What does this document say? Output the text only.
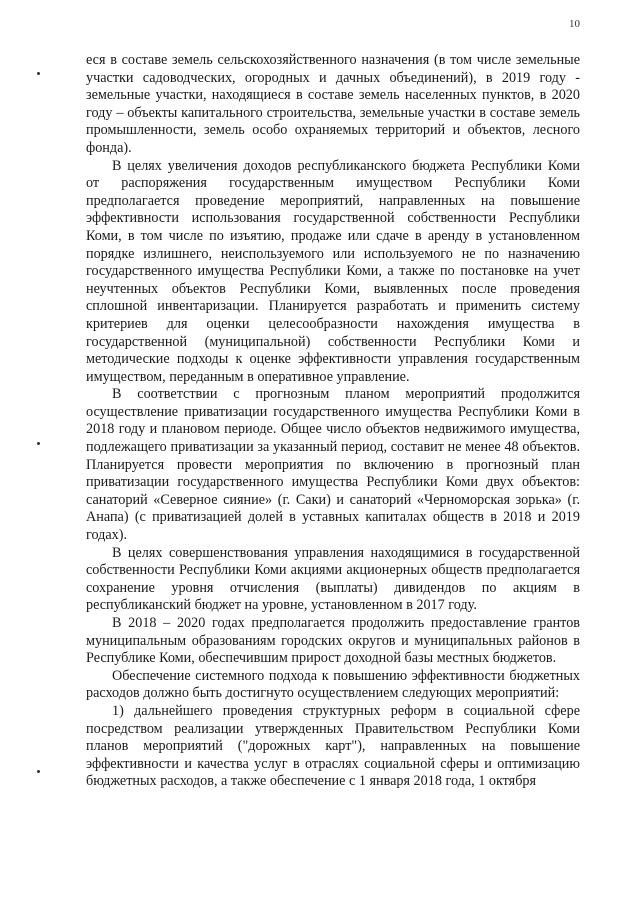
10

еся в составе земель сельскохозяйственного назначения (в том числе земельные участки садоводческих, огородных и дачных объединений), в 2019 году - земельные участки, находящиеся в составе земель населенных пунктов, в 2020 году – объекты капитального строительства, земельные участки в составе земель промышленности, земель особо охраняемых территорий и объектов, лесного фонда).

В целях увеличения доходов республиканского бюджета Республики Коми от распоряжения государственным имуществом Республики Коми предполагается проведение мероприятий, направленных на повышение эффективности использования государственной собственности Республики Коми, в том числе по изъятию, продаже или сдаче в аренду в установленном порядке излишнего, неиспользуемого или используемого не по назначению государственного имущества Республики Коми, а также по постановке на учет неучтенных объектов Республики Коми, выявленных после проведения сплошной инвентаризации. Планируется разработать и применить систему критериев для оценки целесообразности нахождения имущества в государственной (муниципальной) собственности Республики Коми и методические подходы к оценке эффективности управления государственным имуществом, переданным в оперативное управление.

В соответствии с прогнозным планом мероприятий продолжится осуществление приватизации государственного имущества Республики Коми в 2018 году и плановом периоде. Общее число объектов недвижимого имущества, подлежащего приватизации за указанный период, составит не менее 48 объектов. Планируется провести мероприятия по включению в прогнозный план приватизации государственного имущества Республики Коми двух объектов: санаторий «Северное сияние» (г. Саки) и санаторий «Черноморская зорька» (г. Анапа) (с приватизацией долей в уставных капиталах обществ в 2018 и 2019 годах).

В целях совершенствования управления находящимися в государственной собственности Республики Коми акциями акционерных обществ предполагается сохранение уровня отчисления (выплаты) дивидендов по акциям в республиканский бюджет на уровне, установленном в 2017 году.

В 2018 – 2020 годах предполагается продолжить предоставление грантов муниципальным образованиям городских округов и муниципальных районов в Республике Коми, обеспечившим прирост доходной базы местных бюджетов.

Обеспечение системного подхода к повышению эффективности бюджетных расходов должно быть достигнуто осуществлением следующих мероприятий:

1) дальнейшего проведения структурных реформ в социальной сфере посредством реализации утвержденных Правительством Республики Коми планов мероприятий ("дорожных карт"), направленных на повышение эффективности и качества услуг в отраслях социальной сферы и оптимизацию бюджетных расходов, а также обеспечение с 1 января 2018 года, 1 октября
